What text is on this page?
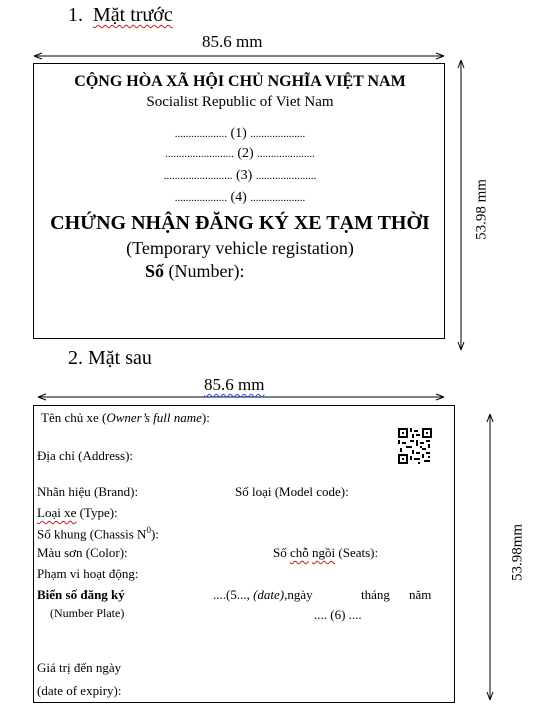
1. Mặt trước
85.6 mm
53.98 mm
CỘNG HÒA XÃ HỘI CHỦ NGHĨA VIỆT NAM
Socialist Republic of Viet Nam
................... (1) ....................
......................... (2) .....................
......................... (3) ......................
................... (4) ....................
CHỨNG NHẬN ĐĂNG KÝ XE TẠM THỜI
(Temporary vehicle registation)
Số (Number):
2. Mặt sau
85.6 mm
53.98mm
Tên chủ xe (Owner’s full name):
Địa chỉ (Address):
Nhãn hiệu (Brand):	Số loại (Model code):
Loại xe (Type):
Số khung (Chassis $N^0$):
Màu sơn (Color):	Số chỗ ngồi (Seats):
Phạm vi hoạt động:
Biển số đăng ký
(Number Plate)
....(5..., (date),ngày	tháng năm
.... (6) ....
Giá trị đến ngày
(date of expiry):
